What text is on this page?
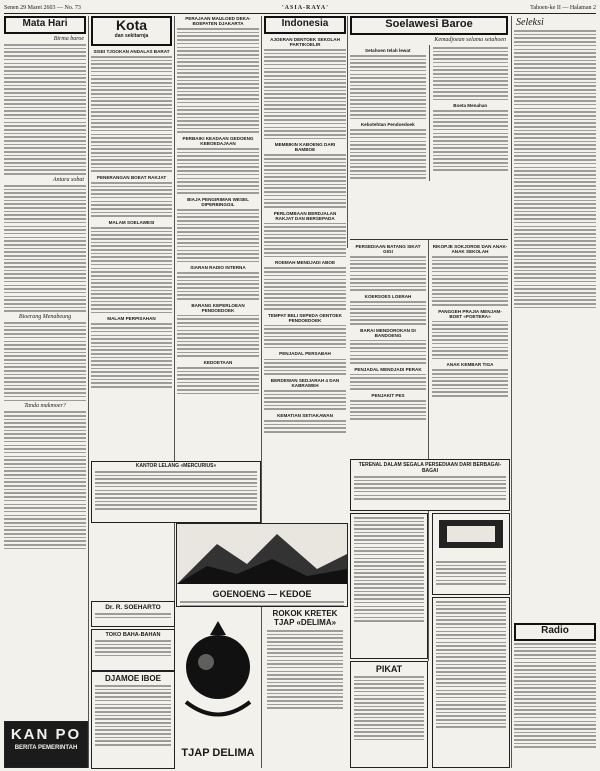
Senen 29 Maret 2603 — No. 73	'ASIA-RAYA'	Tahoen-ke II — Halaman 2
Mata Hari
Birma baroe
Antara sobat
Bioerang Menabeung
Tanda makmoer?
KAN PO
BERITA PEMERINTAH
Kota
dan sekitarnja
SISEI TJOOKAN ANDALAS BARAT
PENERANGAN BOEAT RAKJAT
MALAM SOELAWESI
MALAM PERPISAHAN
PERAJAAN MAULOED DEKA-BOEPATEN DJAKARTA
PERBAIKI KEADAAN GEDOENG KEBOEDAJAAN
BIAJA PENGIRIMAN WESEL DIPERBINGGIL
SIARAN RADIO INTERNA
BARANG KEPERLOEAN PENDOEDOEK
KEDOETAAN
Indonesia
AJOERAN DENTOEK SEKOLAH PARTIKOELIR
MEMBIKIN KABOENG DARI BAMBOE
PERLOMBAAN BERDJALAN RAKJAT DAN BERSEPADA
ROEMAH MENDJADI ABOE
TEMPAT BELI SEPEDA OENTOEK PENDOEDOEK
PENJADAL PERSABAH
BERDEWAN SEDJARAH 4 DAN KABRAWEH
KEMATIAN SETIAKAWAN
Soelawesi Baroe
Kemadjoean selama setahoen
Setahoen telah lewat
Kebotehtan Pendoedoek
Boeta Menahan
PERSEDIAAN BATANG SIKAT GIGI
KOERSOES LOERAH
BARAI MENDOROKAN DI BANDOENG
PENJADAL MENDJADI PERAK
PENJAKIT PES
RIKOPJE SOKJOROE DAN ANAK-ANAK SEKOLAH
PANGGEH PRAJIA MENJAM-BOET «POETERA»
ANAK KEMBAR TIGA
Seleksi
Radio
KANTOR LELANG «MERCURIUS»
GOENOENG — KEDOE
ROKOK KRETEK TJAP «DELIMA»
TJAP DELIMA
DJAMOE IBOE
Dr. R. SOEHARTO
TOKO BAHA-BAHAN
TERENAL DALAM SEGALA PERSEDIAAN DARI BERBAGAI-BAGAI
PIKAT
